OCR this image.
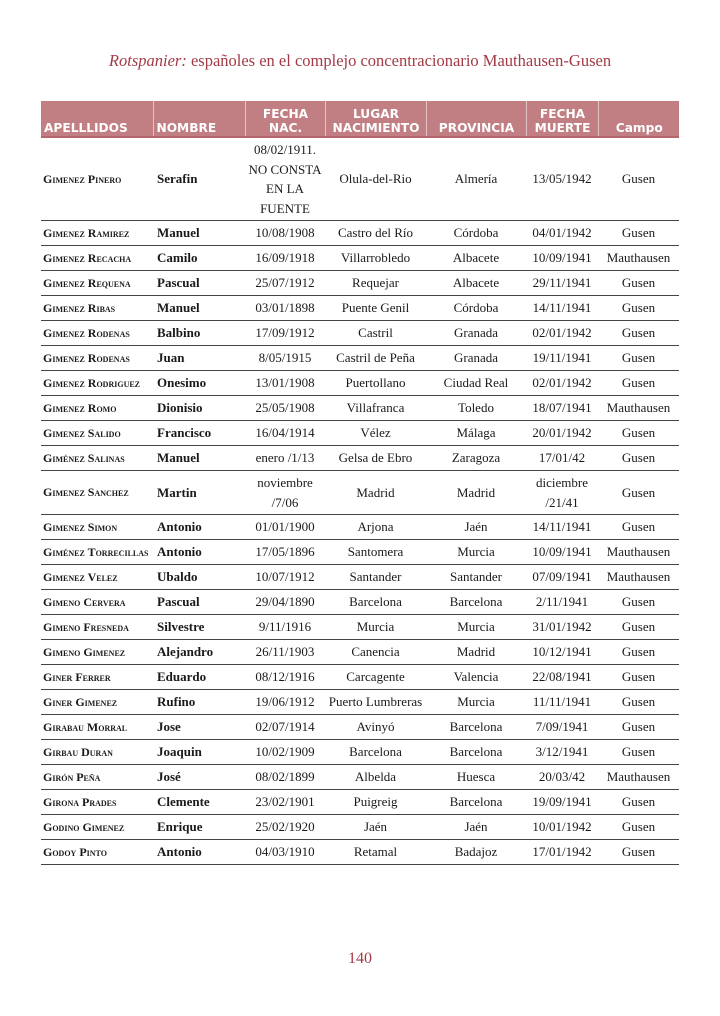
Rotspanier: españoles en el complejo concentracionario Mauthausen-Gusen
APELLLIDOS	NOMBRE	FECHA NAC.	LUGAR NACIMIENTO	PROVINCIA	FECHA MUERTE	Campo
Gimenez Pinero	Serafin	08/02/1911. NO CONSTA EN LA FUENTE	Olula-del-Rio	Almería	13/05/1942	Gusen
Gimenez Ramirez	Manuel	10/08/1908	Castro del Río	Córdoba	04/01/1942	Gusen
Gimenez Recacha	Camilo	16/09/1918	Villarrobledo	Albacete	10/09/1941	Mauthausen
Gimenez Requena	Pascual	25/07/1912	Requejar	Albacete	29/11/1941	Gusen
Gimenez Ribas	Manuel	03/01/1898	Puente Genil	Córdoba	14/11/1941	Gusen
Gimenez Rodenas	Balbino	17/09/1912	Castril	Granada	02/01/1942	Gusen
Gimenez Rodenas	Juan	8/05/1915	Castril de Peña	Granada	19/11/1941	Gusen
Gimenez Rodriguez	Onesimo	13/01/1908	Puertollano	Ciudad Real	02/01/1942	Gusen
Gimenez Romo	Dionisio	25/05/1908	Villafranca	Toledo	18/07/1941	Mauthausen
Gimenez Salido	Francisco	16/04/1914	Vélez	Málaga	20/01/1942	Gusen
Giménez Salinas	Manuel	enero /1/13	Gelsa de Ebro	Zaragoza	17/01/42	Gusen
Gimenez Sanchez	Martin	noviembre /7/06	Madrid	Madrid	diciembre /21/41	Gusen
Gimenez Simon	Antonio	01/01/1900	Arjona	Jaén	14/11/1941	Gusen
Giménez Torrecillas	Antonio	17/05/1896	Santomera	Murcia	10/09/1941	Mauthausen
Gimenez Velez	Ubaldo	10/07/1912	Santander	Santander	07/09/1941	Mauthausen
Gimeno Cervera	Pascual	29/04/1890	Barcelona	Barcelona	2/11/1941	Gusen
Gimeno Fresneda	Silvestre	9/11/1916	Murcia	Murcia	31/01/1942	Gusen
Gimeno Gimenez	Alejandro	26/11/1903	Canencia	Madrid	10/12/1941	Gusen
Giner Ferrer	Eduardo	08/12/1916	Carcagente	Valencia	22/08/1941	Gusen
Giner Gimenez	Rufino	19/06/1912	Puerto Lumbreras	Murcia	11/11/1941	Gusen
Girabau Morral	Jose	02/07/1914	Avinyó	Barcelona	7/09/1941	Gusen
Girbau Duran	Joaquin	10/02/1909	Barcelona	Barcelona	3/12/1941	Gusen
Girón Peña	José	08/02/1899	Albelda	Huesca	20/03/42	Mauthausen
Girona Prades	Clemente	23/02/1901	Puigreig	Barcelona	19/09/1941	Gusen
Godino Gimenez	Enrique	25/02/1920	Jaén	Jaén	10/01/1942	Gusen
Godoy Pinto	Antonio	04/03/1910	Retamal	Badajoz	17/01/1942	Gusen
140
